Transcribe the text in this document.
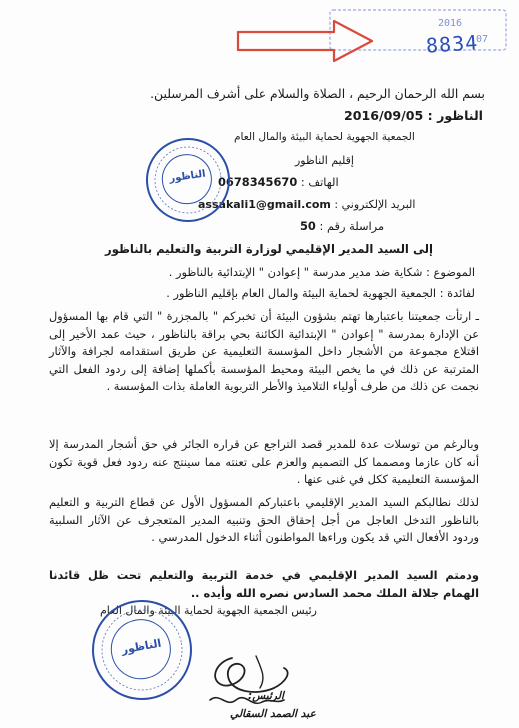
2016
07
8834
بسم الله الرحمان الرحيم ، الصلاة والسلام على أشرف المرسلين.
الناظور : 2016/09/05
الجمعية الجهوية لحماية البيئة والمال العام
إقليم الناظور
الهاتف : 0678345670
البريد الإلكتروني : assakali1@gmail.com
مراسلة رقم : 50
الناظور
إلى السيد المدير الإقليمي لوزارة التربية والتعليم بالناظور
الموضوع : شكاية ضد مدير مدرسة " إعوادن " الإبتدائية بالناظور .
لفائدة : الجمعية الجهوية لحماية البيئة والمال العام بإقليم الناظور .
ـ ارتأت جمعيتنا باعتبارها تهتم بشؤون البيئة أن تخبركم " بالمجزرة " التي قام بها المسؤول عن الإدارة بمدرسة " إعوادن " الإبتدائية الكائنة بحي براقة بالناظور ، حيث عمد الأخير إلى اقتلاع مجموعة من الأشجار داخل المؤسسة التعليمية عن طريق استقدامه لجرافة والآثار المترتبة عن ذلك في ما يخص البيئة ومحيط المؤسسة بأكملها إضافة إلى ردود الفعل التي نجمت عن ذلك من طرف أولياء التلاميذ والأطر التربوية العاملة بذات المؤسسة .
وبالرغم من توسلات عدة للمدير قصد التراجع عن قراره الجائر في حق أشجار المدرسة إلا أنه كان عازما ومصمما كل التصميم والعزم على تعنته مما سينتج عنه ردود فعل قوية تكون المؤسسة التعليمية ككل في غنى عنها .
لذلك نطالبكم السيد المدير الإقليمي باعتباركم المسؤول الأول عن قطاع التربية و التعليم بالناظور التدخل العاجل من أجل إحقاق الحق وتنبيه المدير المتعجرف عن الآثار السلبية وردود الأفعال التي قد يكون وراءها المواطنون أثناء الدخول المدرسي .
ودمتم السيد المدير الإقليمي في خدمة التربية والتعليم تحت ظل قائدنا الهمام جلالة الملك محمد السادس نصره الله وأيده ..
رئيس الجمعية الجهوية لحماية البيئة والمال العام
الناظور
الرئيس:
عبد الصمد السقالي
